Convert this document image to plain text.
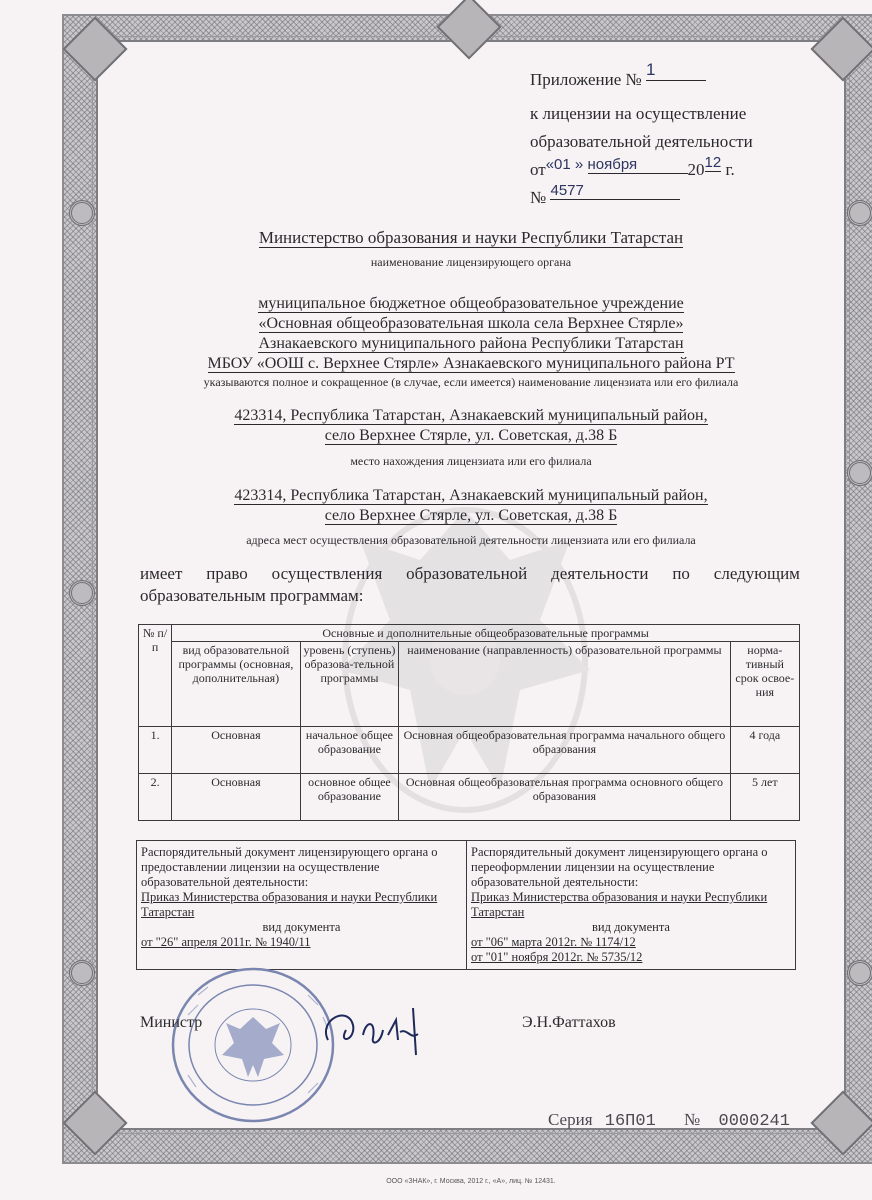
Приложение № 1
к лицензии на осуществление
образовательной деятельности
от«01 » ноября	2012 г.
№ 4577
Министерство образования и науки Республики Татарстан
наименование лицензирующего органа
муниципальное бюджетное общеобразовательное учреждение
«Основная общеобразовательная школа села Верхнее Стярле»
Азнакаевского муниципального района Республики Татарстан
МБОУ «ООШ с. Верхнее Стярле» Азнакаевского муниципального района РТ
указываются полное и сокращенное (в случае, если имеется) наименование лицензиата или его филиала
423314, Республика Татарстан, Азнакаевский муниципальный район,
село Верхнее Стярле, ул. Советская, д.38 Б
место нахождения лицензиата или его филиала
423314, Республика Татарстан, Азнакаевский муниципальный район,
село Верхнее Стярле, ул. Советская, д.38 Б
адреса мест осуществления образовательной деятельности лицензиата или его филиала
имеет право осуществления образовательной деятельности по следующим
образовательным программам:
№ п/п	Основные и дополнительные общеобразовательные программы			
	вид образовательной программы (основная, дополнительная)	уровень (ступень) образова-тельной программы	наименование (направленность) образовательной программы	норма-тивный срок освое-ния
1.	Основная	начальное общее образование	Основная общеобразовательная программа начального общего образования	4 года
2.	Основная	основное общее образование	Основная общеобразовательная программа основного общего образования	5 лет
Распорядительный документ лицензирующего органа о предоставлении лицензии на осуществление образовательной деятельности:
Приказ Министерства образования и науки Республики Татарстан
вид документа
от "26" апреля 2011г. № 1940/11
Распорядительный документ лицензирующего органа о переоформлении лицензии на осуществление образовательной деятельности:
Приказ Министерства образования и науки Республики Татарстан
вид документа
от "06" марта 2012г. № 1174/12
от "01" ноября 2012г. № 5735/12
Министр	Э.Н.Фаттахов
Серия 16П01 № 0000241
ООО «ЗНАК», г. Москва, 2012 г., «А», лиц. № 12431.
